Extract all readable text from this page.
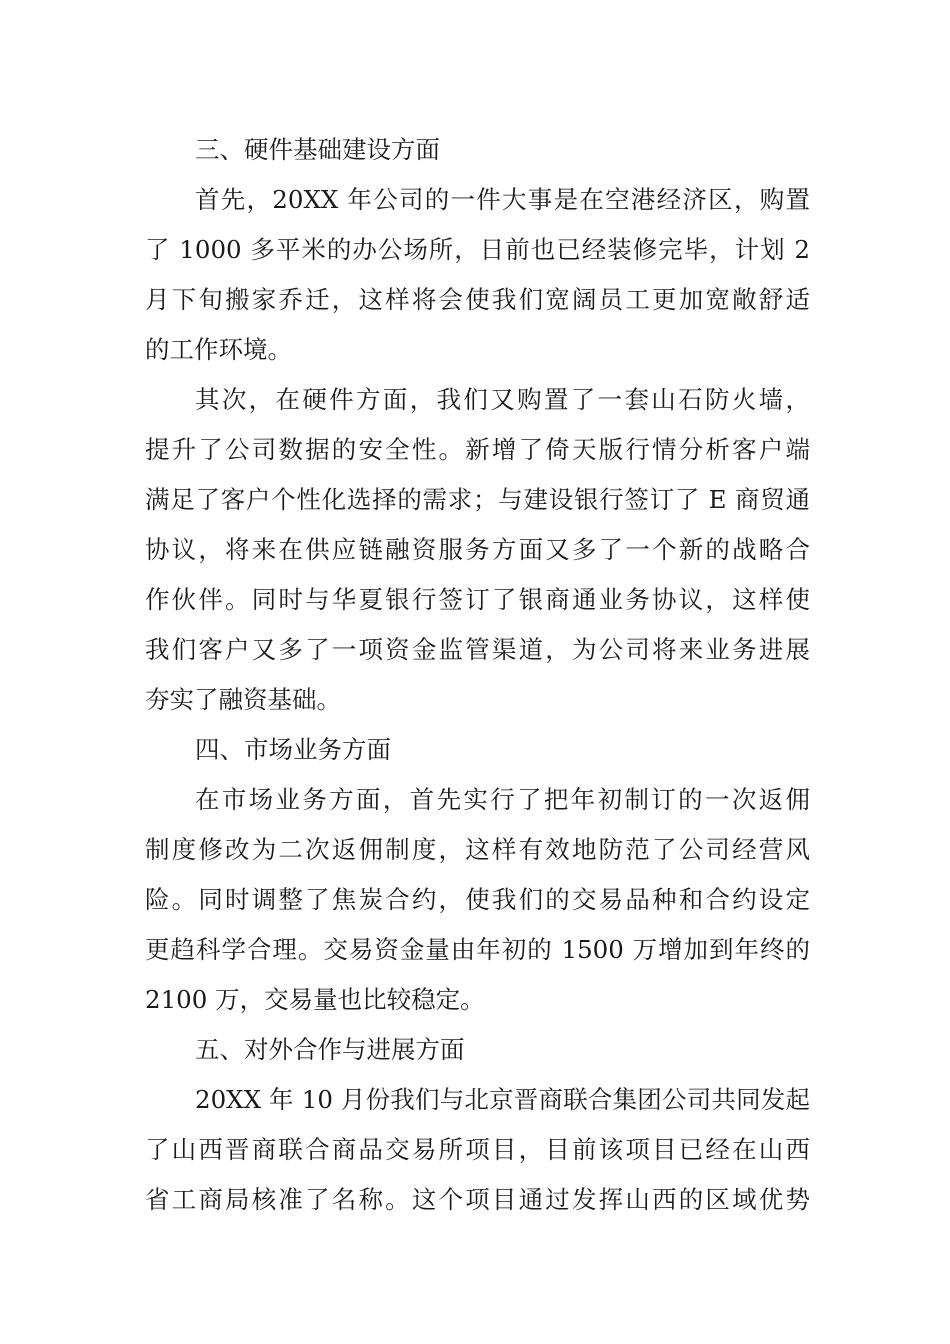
三、硬件基础建设方面
首先，20XX 年公司的一件大事是在空港经济区，购置
了 1000 多平米的办公场所，日前也已经装修完毕，计划 2
月下旬搬家乔迁，这样将会使我们宽阔员工更加宽敞舒适
的工作环境。
其次，在硬件方面，我们又购置了一套山石防火墙，
提升了公司数据的安全性。新增了倚天版行情分析客户端
满足了客户个性化选择的需求；与建设银行签订了 E 商贸通
协议，将来在供应链融资服务方面又多了一个新的战略合
作伙伴。同时与华夏银行签订了银商通业务协议，这样使
我们客户又多了一项资金监管渠道，为公司将来业务进展
夯实了融资基础。
四、市场业务方面
在市场业务方面，首先实行了把年初制订的一次返佣
制度修改为二次返佣制度，这样有效地防范了公司经营风
险。同时调整了焦炭合约，使我们的交易品种和合约设定
更趋科学合理。交易资金量由年初的 1500 万增加到年终的
2100 万，交易量也比较稳定。
五、对外合作与进展方面
20XX 年 10 月份我们与北京晋商联合集团公司共同发起
了山西晋商联合商品交易所项目，目前该项目已经在山西
省工商局核准了名称。这个项目通过发挥山西的区域优势
